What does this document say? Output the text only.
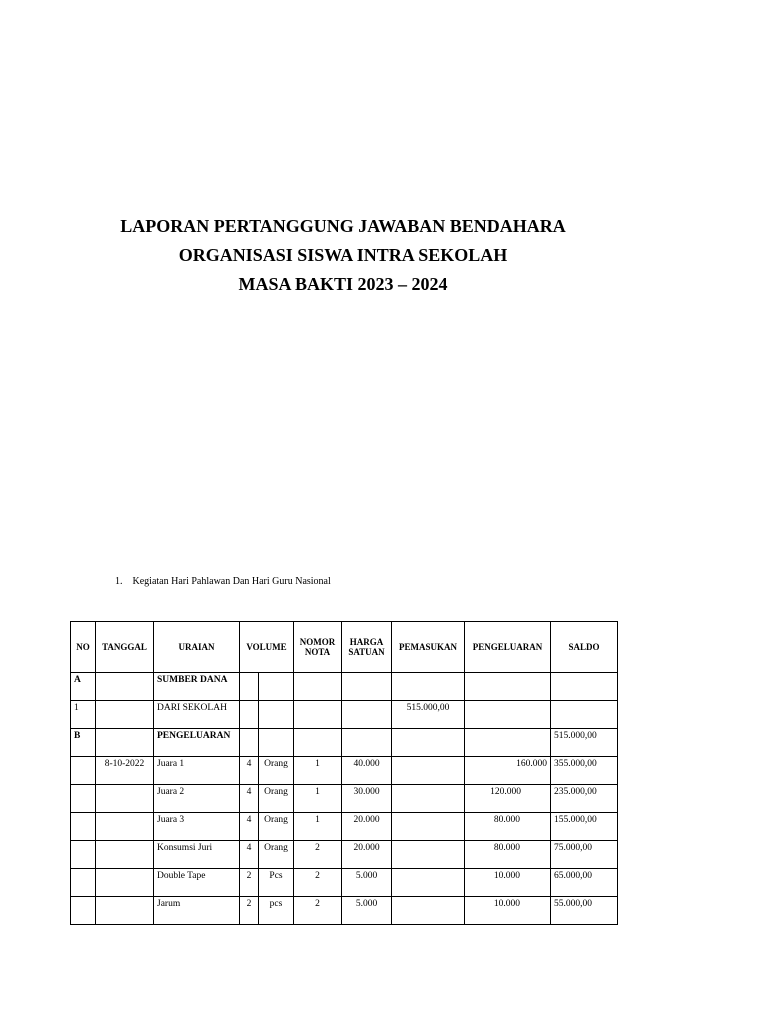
LAPORAN PERTANGGUNG JAWABAN BENDAHARA
ORGANISASI SISWA INTRA SEKOLAH
MASA BAKTI 2023 – 2024
1. Kegiatan Hari Pahlawan Dan Hari Guru Nasional
NO	TANGGAL	URAIAN	VOLUME		NOMOR NOTA	HARGA SATUAN	PEMASUKAN	PENGELUARAN	SALDO
A		SUMBER DANA							
1		DARI SEKOLAH					515.000,00		
B		PENGELUARAN							515.000,00
	8-10-2022	Juara 1	4	Orang	1	40.000		160.000	355.000,00
		Juara 2	4	Orang	1	30.000		120.000	235.000,00
		Juara 3	4	Orang	1	20.000		80.000	155.000,00
		Konsumsi Juri	4	Orang	2	20.000		80.000	75.000,00
		Double Tape	2	Pcs	2	5.000		10.000	65.000,00
		Jarum	2	pcs	2	5.000		10.000	55.000,00
